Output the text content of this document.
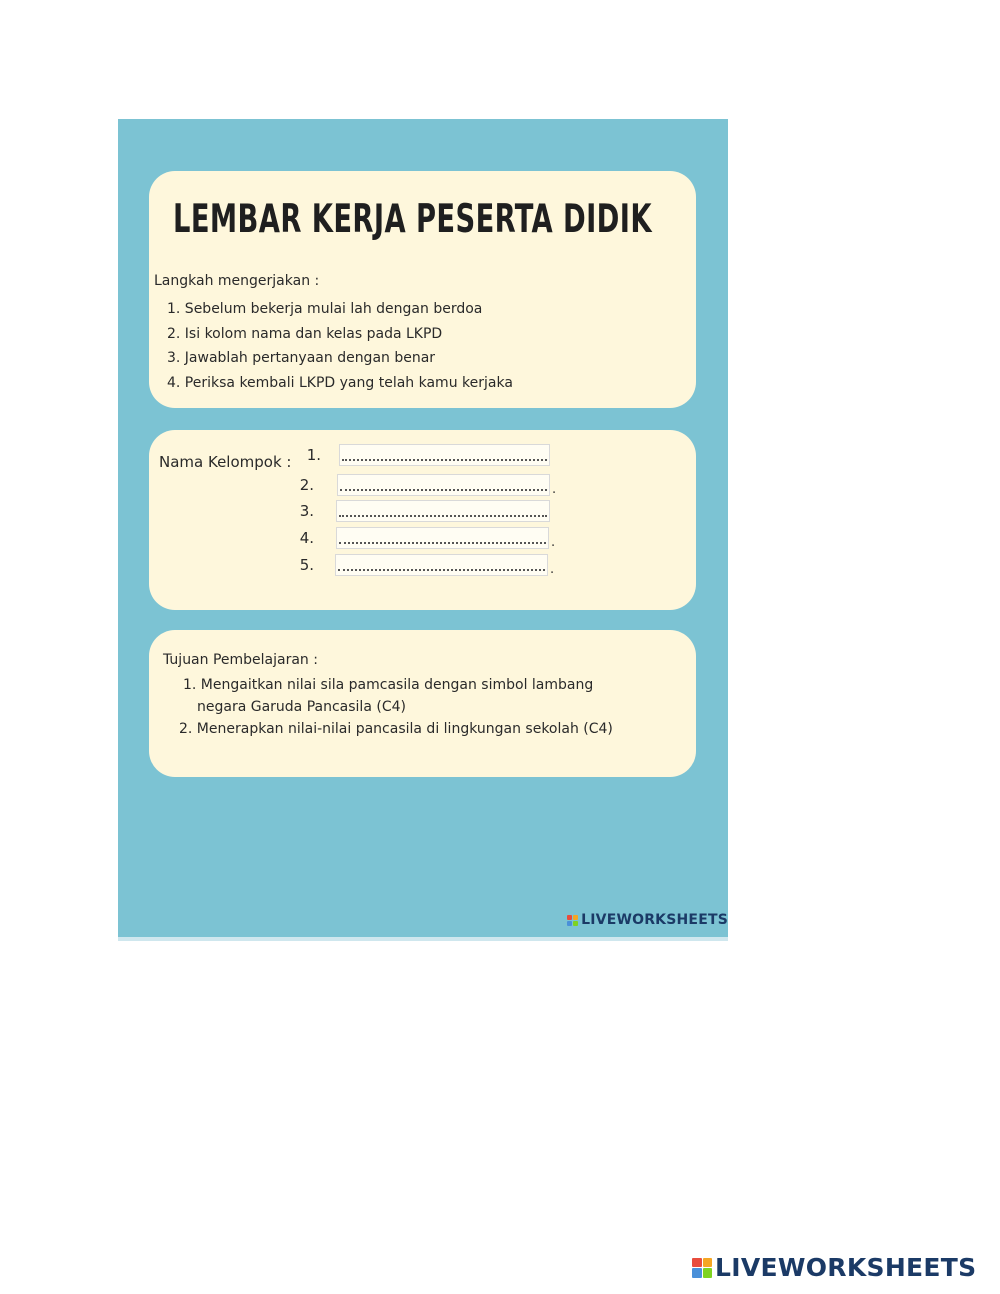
LEMBAR KERJA PESERTA DIDIK
Langkah mengerjakan :
1. Sebelum bekerja mulai lah dengan berdoa
2. Isi kolom nama dan kelas pada LKPD
3. Jawablah pertanyaan dengan benar
4. Periksa kembali LKPD yang telah kamu kerjaka
Nama Kelompok :	1.
2.	.
3.
4.	.
5.	.
Tujuan Pembelajaran :
1. Mengaitkan nilai sila pamcasila dengan simbol lambang
negara Garuda Pancasila (C4)
2. Menerapkan nilai-nilai pancasila di lingkungan sekolah (C4)
LIVEWORKSHEETS
LIVEWORKSHEETS
